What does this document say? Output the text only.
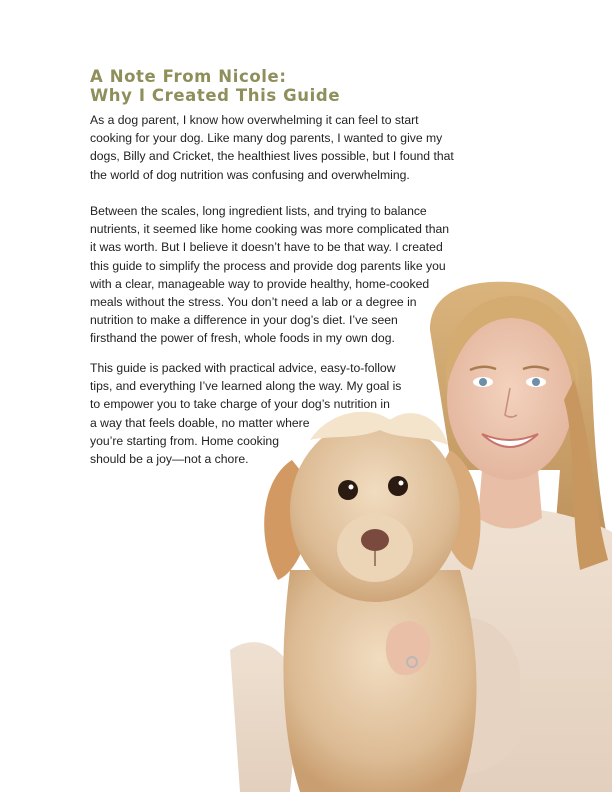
A Note From Nicole:
Why I Created This Guide

As a dog parent, I know how overwhelming it can feel to start
cooking for your dog. Like many dog parents, I wanted to give my
dogs, Billy and Cricket, the healthiest lives possible, but I found that
the world of dog nutrition was confusing and overwhelming.

Between the scales, long ingredient lists, and trying to balance
nutrients, it seemed like home cooking was more complicated than
it was worth. But I believe it doesn’t have to be that way. I created
this guide to simplify the process and provide dog parents like you
with a clear, manageable way to provide healthy, home-cooked
meals without the stress. You don’t need a lab or a degree in
nutrition to make a difference in your dog’s diet. I’ve seen
firsthand the power of fresh, whole foods in my own dog.

This guide is packed with practical advice, easy-to-follow
tips, and everything I’ve learned along the way. My goal is
to empower you to take charge of your dog’s nutrition in
a way that feels doable, no matter where
you’re starting from. Home cooking
should be a joy—not a chore.
